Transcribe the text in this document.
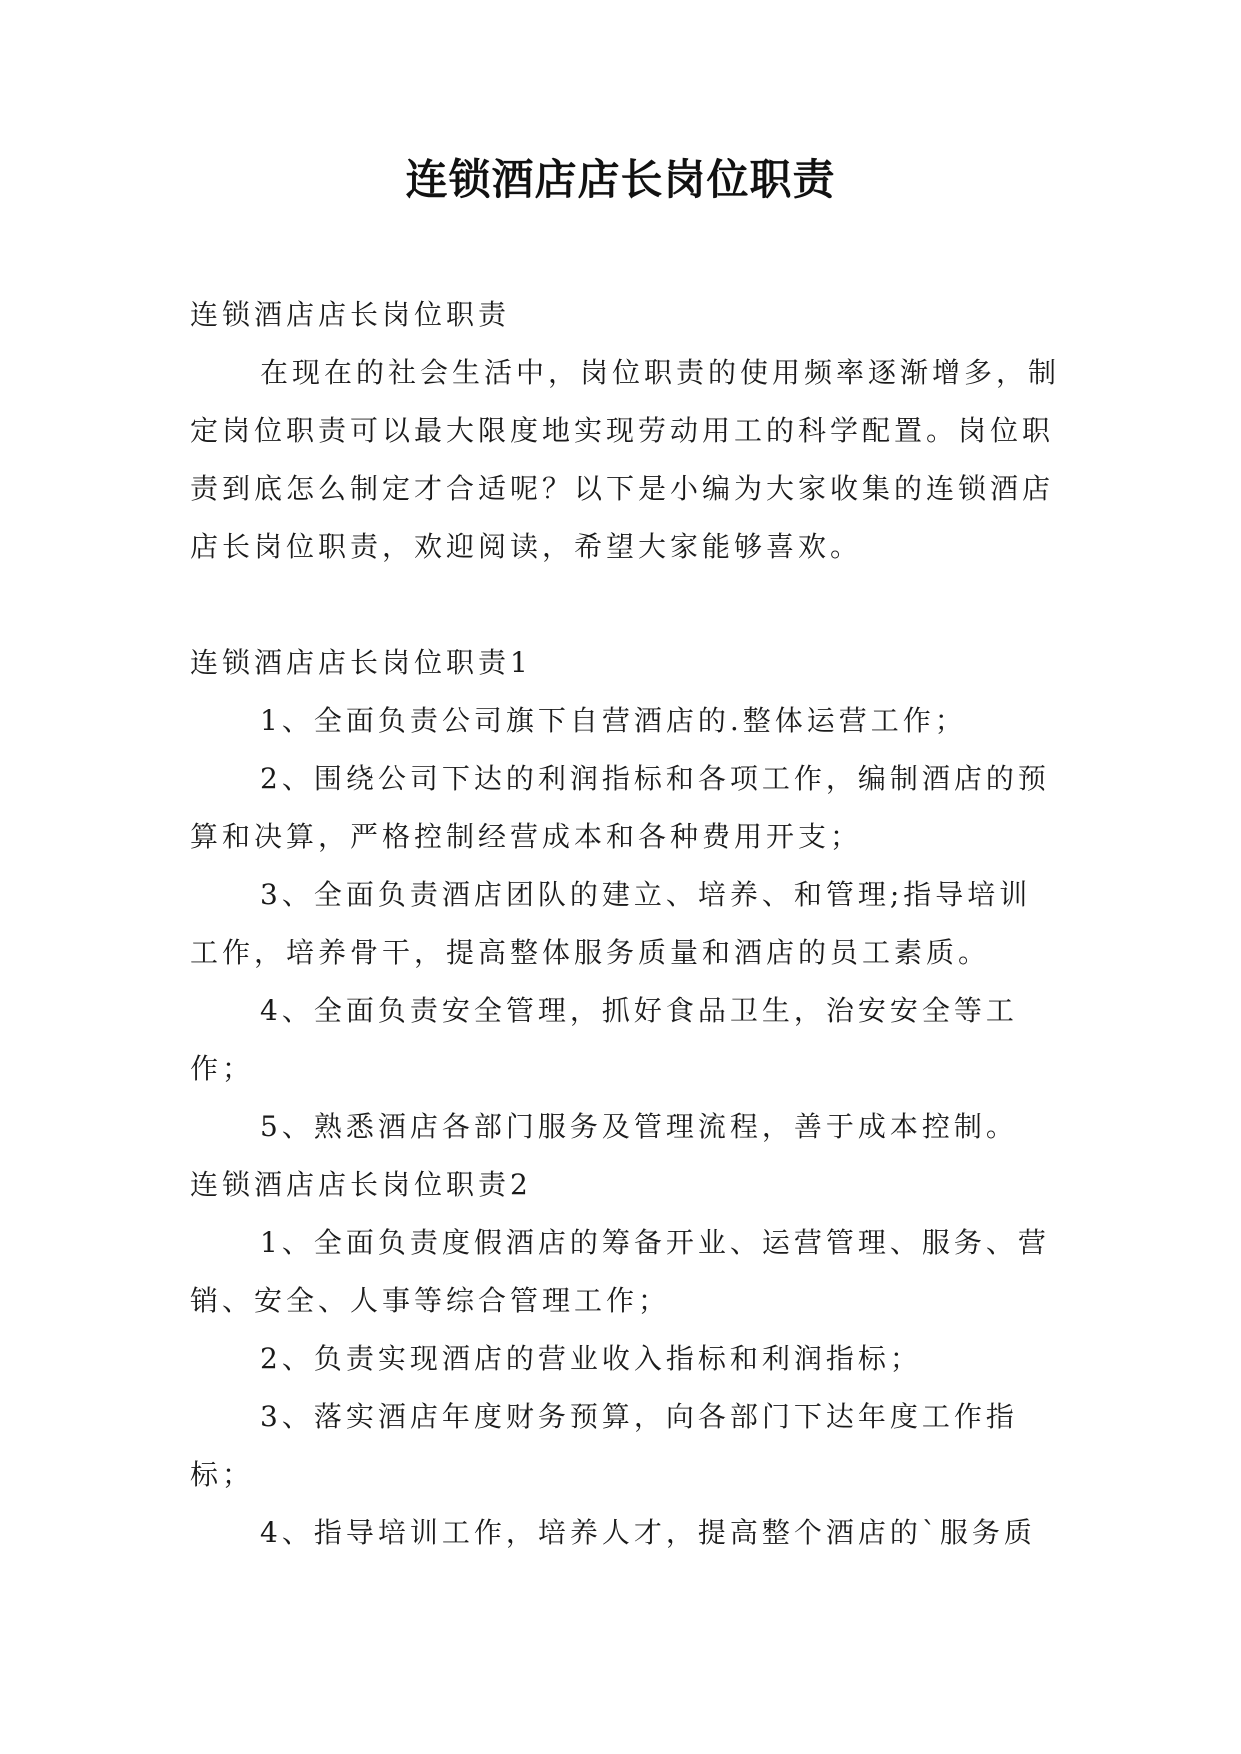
连锁酒店店长岗位职责

连锁酒店店长岗位职责

在现在的社会生活中，岗位职责的使用频率逐渐增多，制定岗位职责可以最大限度地实现劳动用工的科学配置。岗位职责到底怎么制定才合适呢？以下是小编为大家收集的连锁酒店店长岗位职责，欢迎阅读，希望大家能够喜欢。

连锁酒店店长岗位职责1

1、全面负责公司旗下自营酒店的.整体运营工作；

2、围绕公司下达的利润指标和各项工作，编制酒店的预算和决算，严格控制经营成本和各种费用开支；

3、全面负责酒店团队的建立、培养、和管理;指导培训工作，培养骨干，提高整体服务质量和酒店的员工素质。

4、全面负责安全管理，抓好食品卫生，治安安全等工作；

5、熟悉酒店各部门服务及管理流程，善于成本控制。

连锁酒店店长岗位职责2

1、全面负责度假酒店的筹备开业、运营管理、服务、营销、安全、人事等综合管理工作；

2、负责实现酒店的营业收入指标和利润指标；

3、落实酒店年度财务预算，向各部门下达年度工作指标；

4、指导培训工作，培养人才，提高整个酒店的`服务质
